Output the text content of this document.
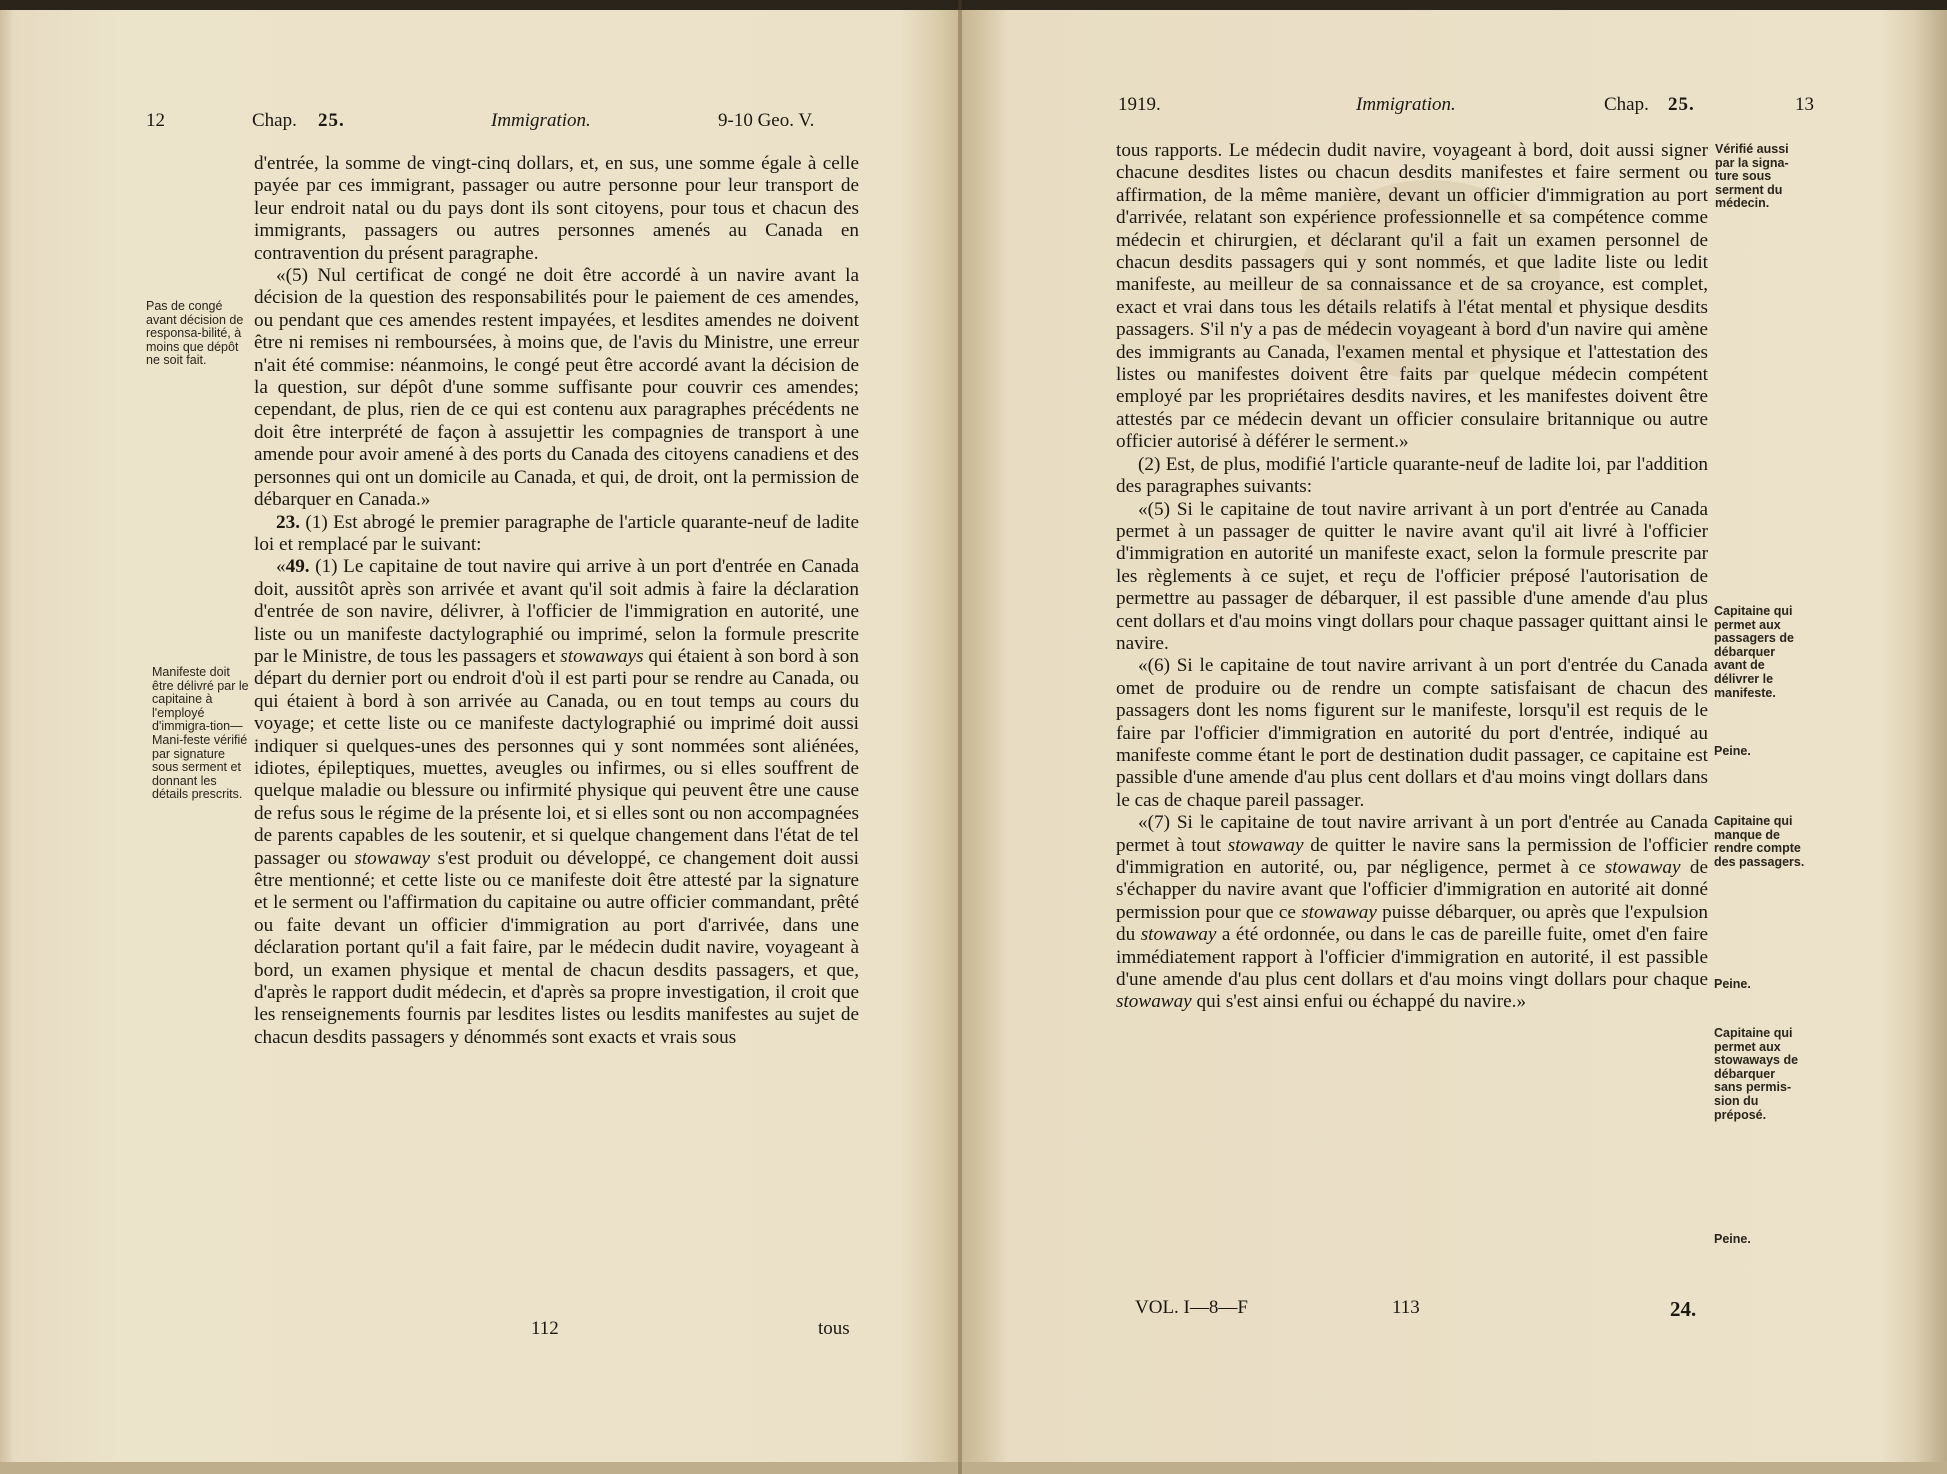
12	Chap. 25.	Immigration.	9-10 Geo. V.
Pas de congé avant décision de responsa-bilité, à moins que dépôt ne soit fait.
Manifeste doit être délivré par le capitaine à l'employé d'immigra-tion—Mani-feste vérifié par signature sous serment et donnant les détails prescrits.

d'entrée, la somme de vingt-cinq dollars, et, en sus, une somme égale à celle payée par ces immigrant, passager ou autre personne pour leur transport de leur endroit natal ou du pays dont ils sont citoyens, pour tous et chacun des immigrants, passagers ou autres personnes amenés au Canada en contravention du présent paragraphe.

«(5) Nul certificat de congé ne doit être accordé à un navire avant la décision de la question des responsabilités pour le paiement de ces amendes, ou pendant que ces amendes restent impayées, et lesdites amendes ne doivent être ni remises ni remboursées, à moins que, de l'avis du Ministre, une erreur n'ait été commise: néanmoins, le congé peut être accordé avant la décision de la question, sur dépôt d'une somme suffisante pour couvrir ces amendes; cependant, de plus, rien de ce qui est contenu aux paragraphes précédents ne doit être interprété de façon à assujettir les compagnies de transport à une amende pour avoir amené à des ports du Canada des citoyens canadiens et des personnes qui ont un domicile au Canada, et qui, de droit, ont la permission de débarquer en Canada.»

23. (1) Est abrogé le premier paragraphe de l'article quarante-neuf de ladite loi et remplacé par le suivant:

«49. (1) Le capitaine de tout navire qui arrive à un port d'entrée en Canada doit, aussitôt après son arrivée et avant qu'il soit admis à faire la déclaration d'entrée de son navire, délivrer, à l'officier de l'immigration en autorité, une liste ou un manifeste dactylographié ou imprimé, selon la formule prescrite par le Ministre, de tous les passagers et stowaways qui étaient à son bord à son départ du dernier port ou endroit d'où il est parti pour se rendre au Canada, ou qui étaient à bord à son arrivée au Canada, ou en tout temps au cours du voyage; et cette liste ou ce manifeste dactylographié ou imprimé doit aussi indiquer si quelques-unes des personnes qui y sont nommées sont aliénées, idiotes, épileptiques, muettes, aveugles ou infirmes, ou si elles souffrent de quelque maladie ou blessure ou infirmité physique qui peuvent être une cause de refus sous le régime de la présente loi, et si elles sont ou non accompagnées de parents capables de les soutenir, et si quelque changement dans l'état de tel passager ou stowaway s'est produit ou développé, ce changement doit aussi être mentionné; et cette liste ou ce manifeste doit être attesté par la signature et le serment ou l'affirmation du capitaine ou autre officier commandant, prêté ou faite devant un officier d'immigration au port d'arrivée, dans une déclaration portant qu'il a fait faire, par le médecin dudit navire, voyageant à bord, un examen physique et mental de chacun desdits passagers, et que, d'après le rapport dudit médecin, et d'après sa propre investigation, il croit que les renseignements fournis par lesdites listes ou lesdits manifestes au sujet de chacun desdits passagers y dénommés sont exacts et vrais sous

112	tous
1919.	Immigration.	Chap. 25.	13
Vérifié aussi par la signa-ture sous serment du médecin.
Capitaine qui permet aux passagers de débarquer avant de délivrer le manifeste.
Peine.
Capitaine qui manque de rendre compte des passagers.
Peine.
Capitaine qui permet aux stowaways de débarquer sans permis-sion du préposé.
Peine.

tous rapports. Le médecin dudit navire, voyageant à bord, doit aussi signer chacune desdites listes ou chacun desdits manifestes et faire serment ou affirmation, de la même manière, devant un officier d'immigration au port d'arrivée, relatant son expérience professionnelle et sa compétence comme médecin et chirurgien, et déclarant qu'il a fait un examen personnel de chacun desdits passagers qui y sont nommés, et que ladite liste ou ledit manifeste, au meilleur de sa connaissance et de sa croyance, est complet, exact et vrai dans tous les détails relatifs à l'état mental et physique desdits passagers. S'il n'y a pas de médecin voyageant à bord d'un navire qui amène des immigrants au Canada, l'examen mental et physique et l'attestation des listes ou manifestes doivent être faits par quelque médecin compétent employé par les propriétaires desdits navires, et les manifestes doivent être attestés par ce médecin devant un officier consulaire britannique ou autre officier autorisé à déférer le serment.»

(2) Est, de plus, modifié l'article quarante-neuf de ladite loi, par l'addition des paragraphes suivants:

«(5) Si le capitaine de tout navire arrivant à un port d'entrée au Canada permet à un passager de quitter le navire avant qu'il ait livré à l'officier d'immigration en autorité un manifeste exact, selon la formule prescrite par les règlements à ce sujet, et reçu de l'officier préposé l'autorisation de permettre au passager de débarquer, il est passible d'une amende d'au plus cent dollars et d'au moins vingt dollars pour chaque passager quittant ainsi le navire.

«(6) Si le capitaine de tout navire arrivant à un port d'entrée du Canada omet de produire ou de rendre un compte satisfaisant de chacun des passagers dont les noms figurent sur le manifeste, lorsqu'il est requis de le faire par l'officier d'immigration en autorité du port d'entrée, indiqué au manifeste comme étant le port de destination dudit passager, ce capitaine est passible d'une amende d'au plus cent dollars et d'au moins vingt dollars dans le cas de chaque pareil passager.

«(7) Si le capitaine de tout navire arrivant à un port d'entrée au Canada permet à tout stowaway de quitter le navire sans la permission de l'officier d'immigration en autorité, ou, par négligence, permet à ce stowaway de s'échapper du navire avant que l'officier d'immigration en autorité ait donné permission pour que ce stowaway puisse débarquer, ou après que l'expulsion du stowaway a été ordonnée, ou dans le cas de pareille fuite, omet d'en faire immédiatement rapport à l'officier d'immigration en autorité, il est passible d'une amende d'au plus cent dollars et d'au moins vingt dollars pour chaque stowaway qui s'est ainsi enfui ou échappé du navire.»

VOL. I—8—F	113	24.
